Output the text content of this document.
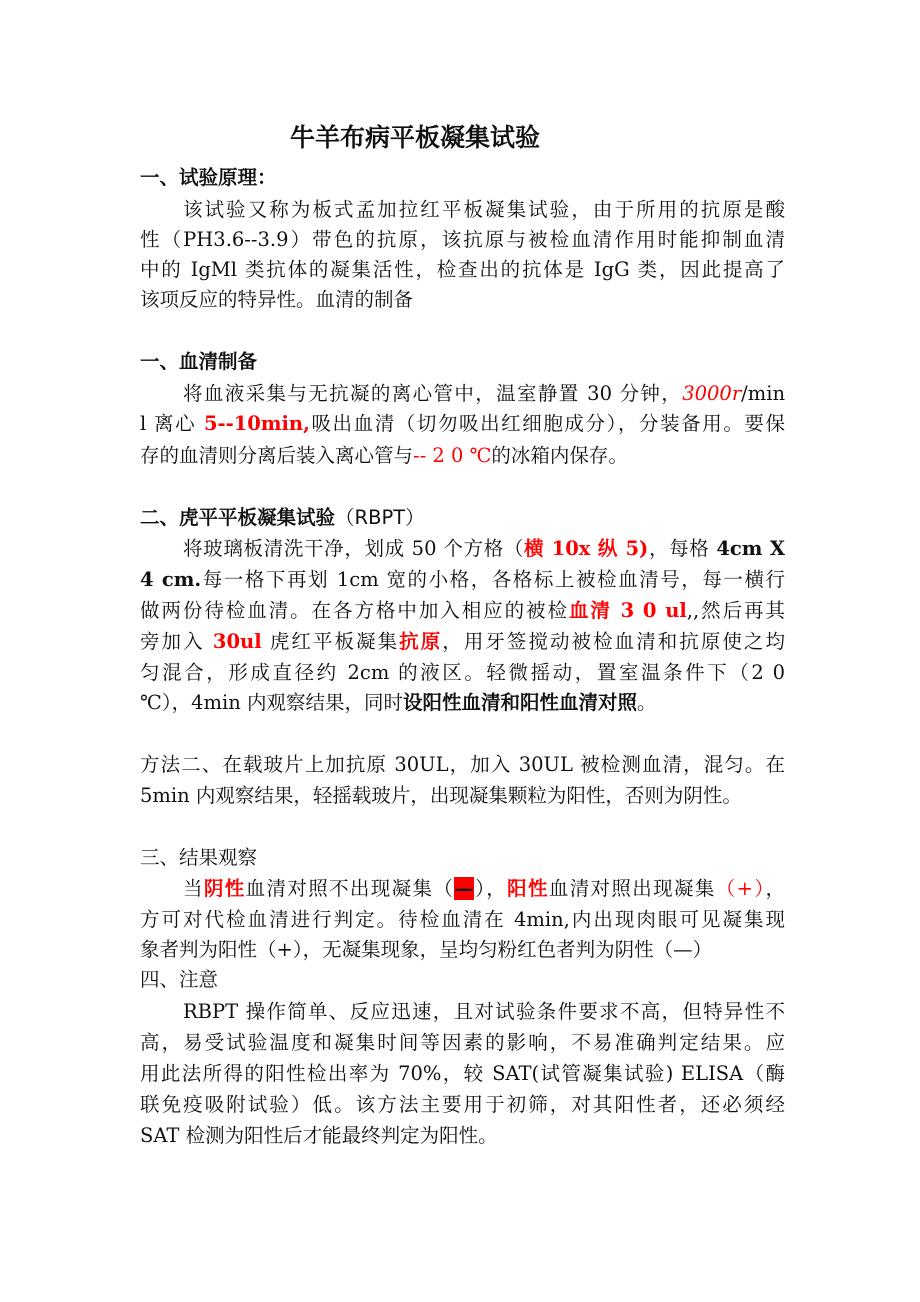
牛羊布病平板凝集试验
一、试验原理：
该试验又称为板式孟加拉红平板凝集试验，由于所用的抗原是酸
性（PH3.6--3.9）带色的抗原，该抗原与被检血清作用时能抑制血清
中的 IgMl 类抗体的凝集活性，检查出的抗体是 IgG 类，因此提高了
该项反应的特异性。血清的制备
一、血清制备
将血液采集与无抗凝的离心管中，温室静置 30 分钟，3000r/min
l 离心 5--10min,吸出血清（切勿吸出红细胞成分），分装备用。要保
存的血清则分离后装入离心管与-- 2 0 ℃的冰箱内保存。
二、虎平平板凝集试验（RBPT）
将玻璃板清洗干净，划成 50 个方格（横 10x 纵 5)，每格 4cm X
4 cm.每一格下再划 1cm 宽的小格，各格标上被检血清号，每一横行
做两份待检血清。在各方格中加入相应的被检血清 3 0 ul,,然后再其
旁加入 30ul 虎红平板凝集抗原，用牙签搅动被检血清和抗原使之均
匀混合，形成直径约 2cm 的液区。轻微摇动，置室温条件下（2 0
℃），4min 内观察结果，同时设阳性血清和阳性血清对照。
方法二、在载玻片上加抗原 30UL，加入 30UL 被检测血清，混匀。在
5min 内观察结果，轻摇载玻片，出现凝集颗粒为阳性，否则为阴性。
三、结果观察
当阴性血清对照不出现凝集（—），阳性血清对照出现凝集（+），
方可对代检血清进行判定。待检血清在 4min,内出现肉眼可见凝集现
象者判为阳性（+），无凝集现象，呈均匀粉红色者判为阴性（—）
四、注意
RBPT 操作简单、反应迅速，且对试验条件要求不高，但特异性不
高，易受试验温度和凝集时间等因素的影响，不易准确判定结果。应
用此法所得的阳性检出率为 70%，较 SAT(试管凝集试验) ELISA（酶
联免疫吸附试验）低。该方法主要用于初筛，对其阳性者，还必须经
SAT 检测为阳性后才能最终判定为阳性。
